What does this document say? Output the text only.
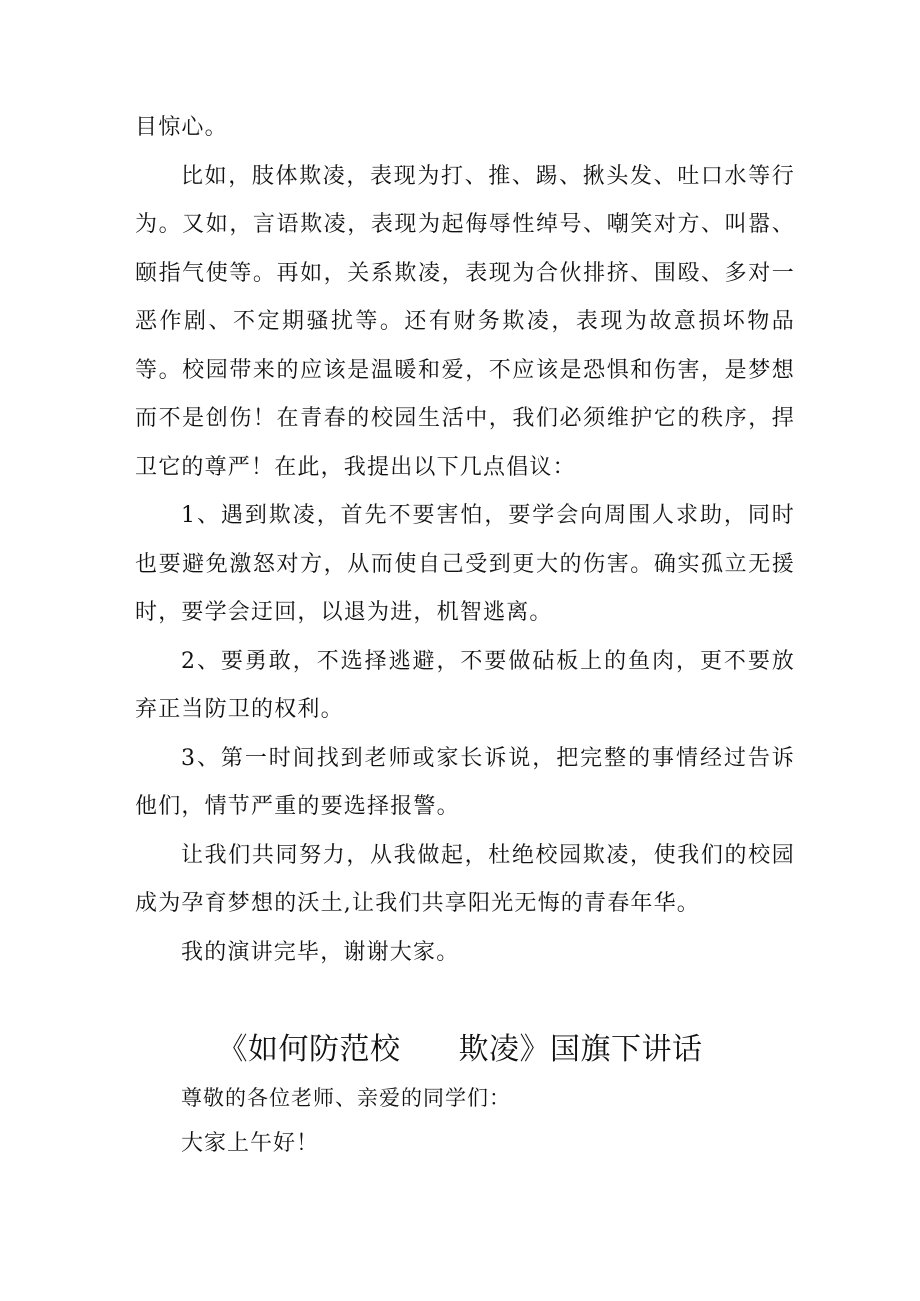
目惊心。

比如，肢体欺凌，表现为打、推、踢、揪头发、吐口水等行为。又如，言语欺凌，表现为起侮辱性绰号、嘲笑对方、叫嚣、颐指气使等。再如，关系欺凌，表现为合伙排挤、围殴、多对一恶作剧、不定期骚扰等。还有财务欺凌，表现为故意损坏物品等。校园带来的应该是温暖和爱，不应该是恐惧和伤害，是梦想而不是创伤！在青春的校园生活中，我们必须维护它的秩序，捍卫它的尊严！在此，我提出以下几点倡议：

1、遇到欺凌，首先不要害怕，要学会向周围人求助，同时也要避免激怒对方，从而使自己受到更大的伤害。确实孤立无援时，要学会迂回，以退为进，机智逃离。

2、要勇敢，不选择逃避，不要做砧板上的鱼肉，更不要放弃正当防卫的权利。

3、第一时间找到老师或家长诉说，把完整的事情经过告诉他们，情节严重的要选择报警。

让我们共同努力，从我做起，杜绝校园欺凌，使我们的校园成为孕育梦想的沃土,让我们共享阳光无悔的青春年华。

我的演讲完毕，谢谢大家。

《如何防范校 欺凌》国旗下讲话
尊敬的各位老师、亲爱的同学们：
大家上午好！
